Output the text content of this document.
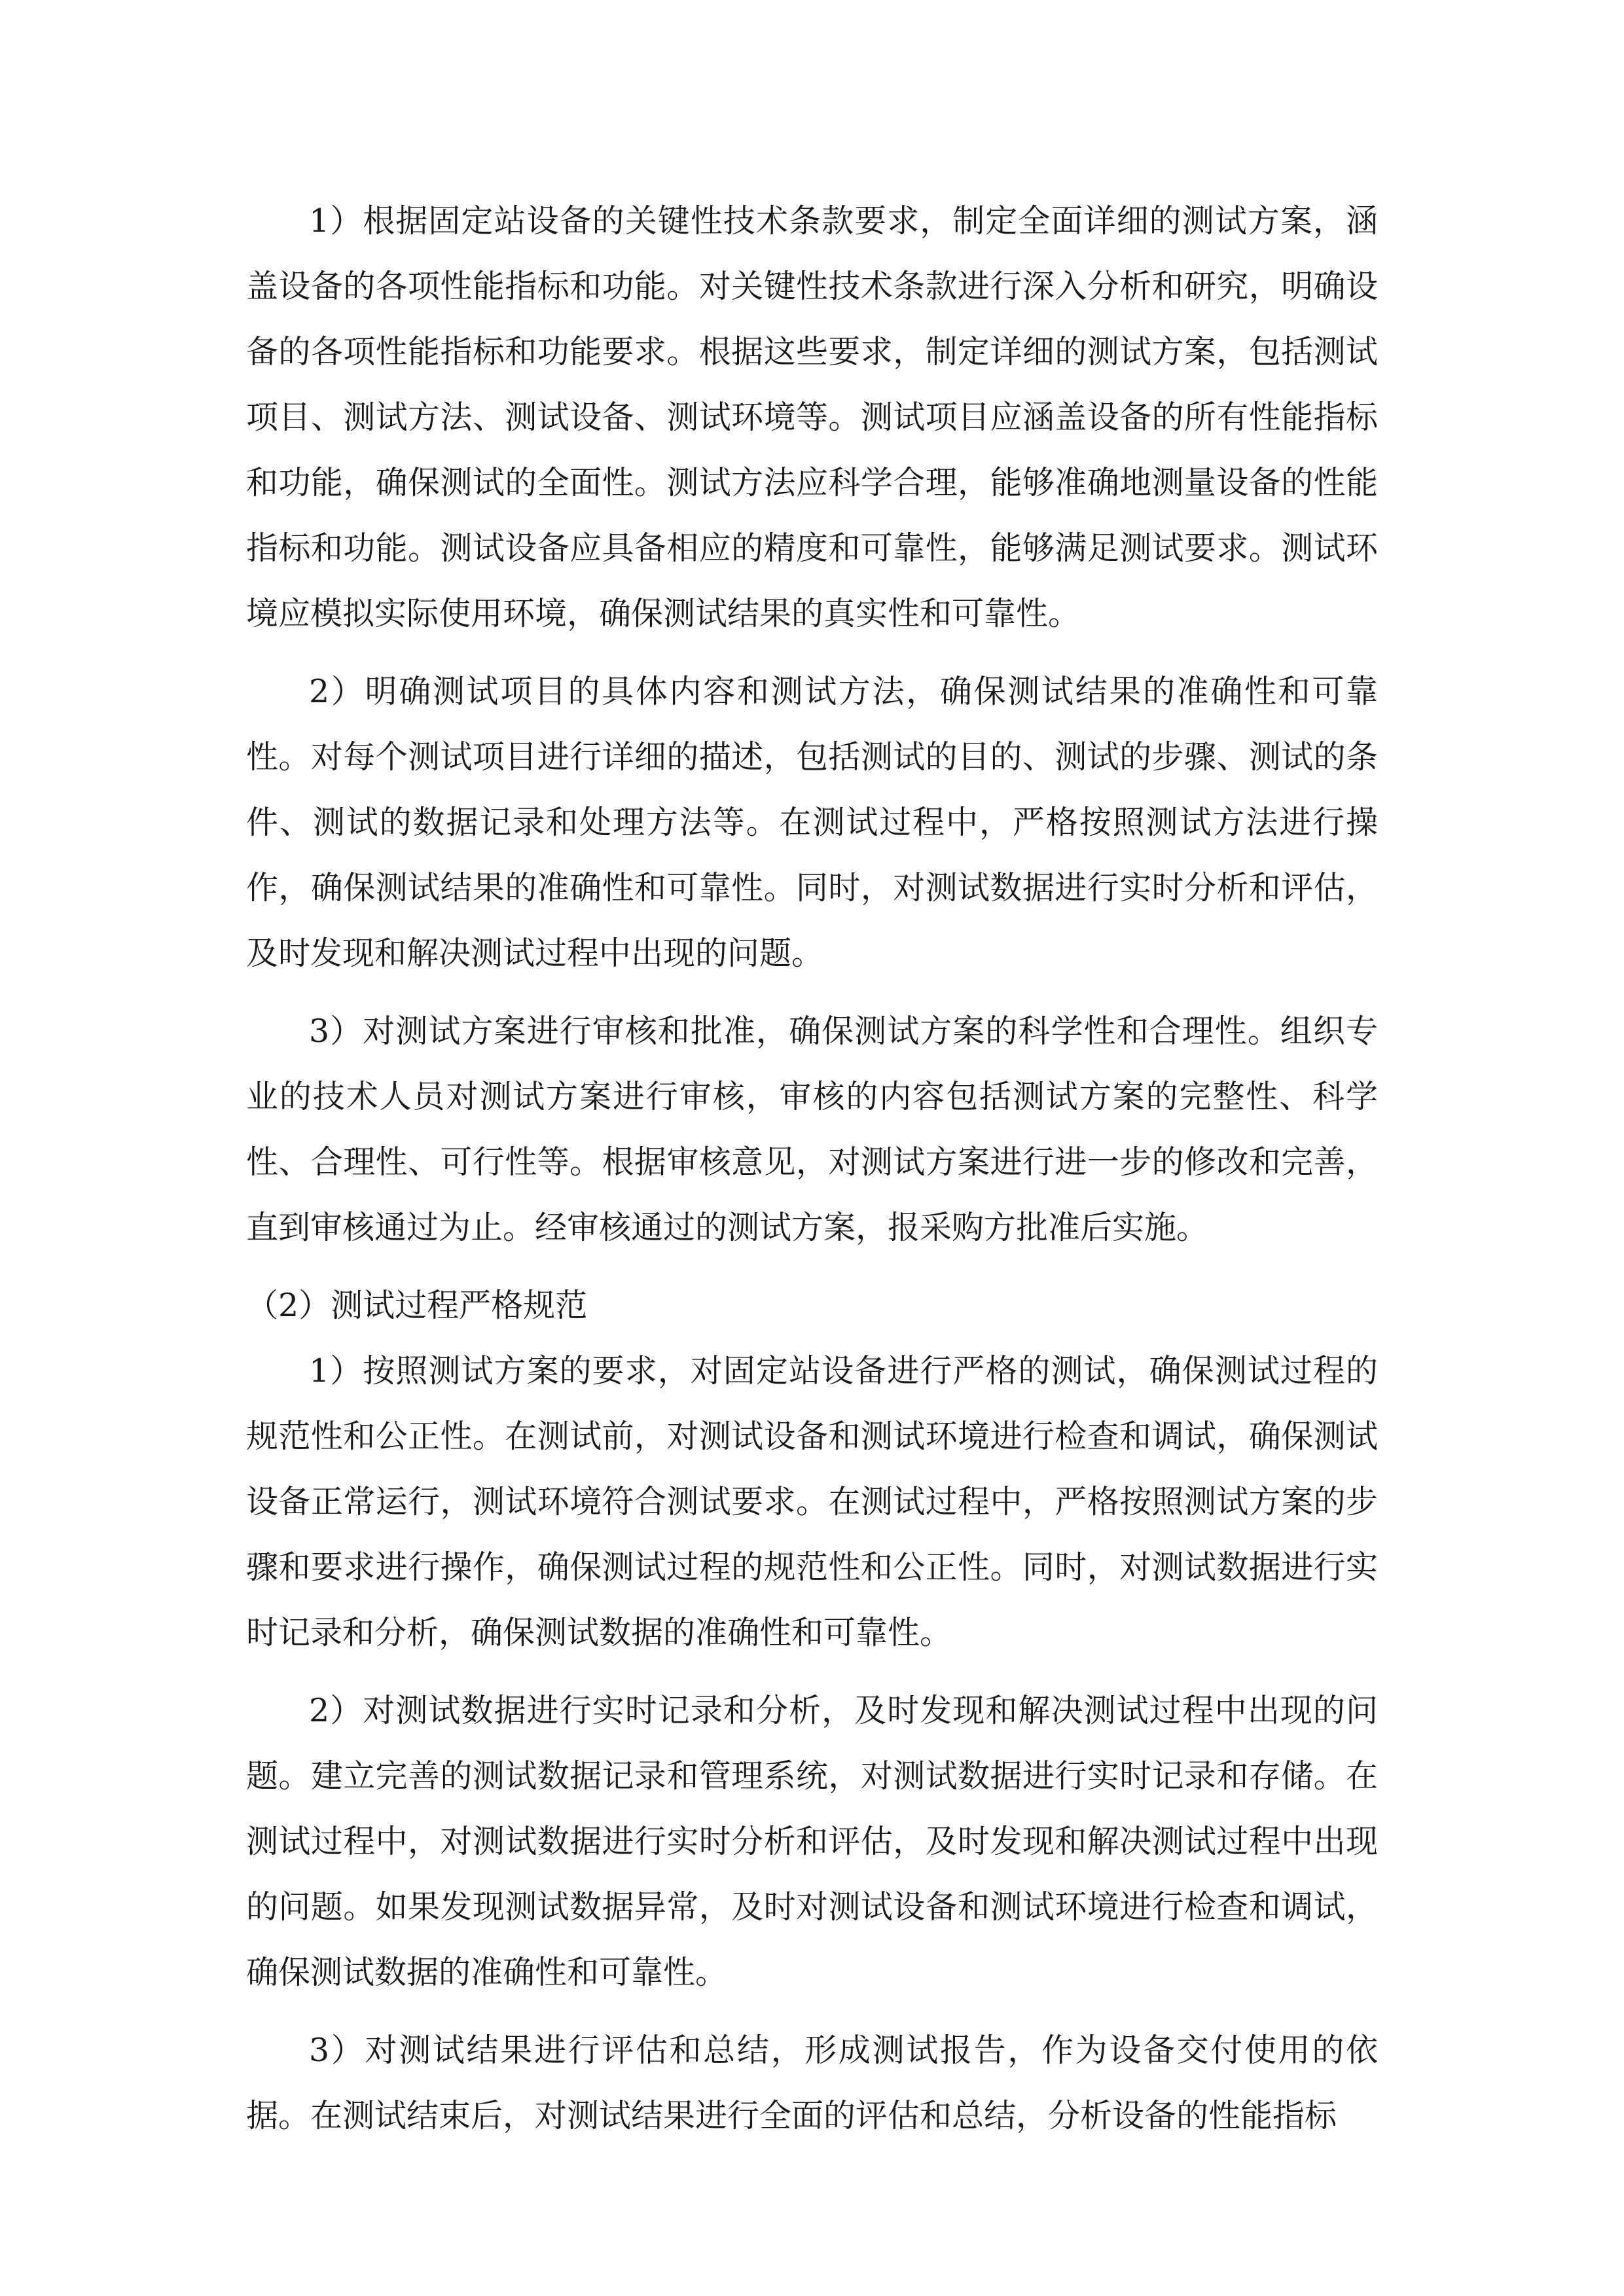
1）根据固定站设备的关键性技术条款要求，制定全面详细的测试方案，涵盖设备的各项性能指标和功能。对关键性技术条款进行深入分析和研究，明确设备的各项性能指标和功能要求。根据这些要求，制定详细的测试方案，包括测试项目、测试方法、测试设备、测试环境等。测试项目应涵盖设备的所有性能指标和功能，确保测试的全面性。测试方法应科学合理，能够准确地测量设备的性能指标和功能。测试设备应具备相应的精度和可靠性，能够满足测试要求。测试环境应模拟实际使用环境，确保测试结果的真实性和可靠性。

2）明确测试项目的具体内容和测试方法，确保测试结果的准确性和可靠性。对每个测试项目进行详细的描述，包括测试的目的、测试的步骤、测试的条件、测试的数据记录和处理方法等。在测试过程中，严格按照测试方法进行操作，确保测试结果的准确性和可靠性。同时，对测试数据进行实时分析和评估，及时发现和解决测试过程中出现的问题。

3）对测试方案进行审核和批准，确保测试方案的科学性和合理性。组织专业的技术人员对测试方案进行审核，审核的内容包括测试方案的完整性、科学性、合理性、可行性等。根据审核意见，对测试方案进行进一步的修改和完善，直到审核通过为止。经审核通过的测试方案，报采购方批准后实施。

（2）测试过程严格规范

1）按照测试方案的要求，对固定站设备进行严格的测试，确保测试过程的规范性和公正性。在测试前，对测试设备和测试环境进行检查和调试，确保测试设备正常运行，测试环境符合测试要求。在测试过程中，严格按照测试方案的步骤和要求进行操作，确保测试过程的规范性和公正性。同时，对测试数据进行实时记录和分析，确保测试数据的准确性和可靠性。

2）对测试数据进行实时记录和分析，及时发现和解决测试过程中出现的问题。建立完善的测试数据记录和管理系统，对测试数据进行实时记录和存储。在测试过程中，对测试数据进行实时分析和评估，及时发现和解决测试过程中出现的问题。如果发现测试数据异常，及时对测试设备和测试环境进行检查和调试，确保测试数据的准确性和可靠性。

3）对测试结果进行评估和总结，形成测试报告，作为设备交付使用的依据。在测试结束后，对测试结果进行全面的评估和总结，分析设备的性能指标
